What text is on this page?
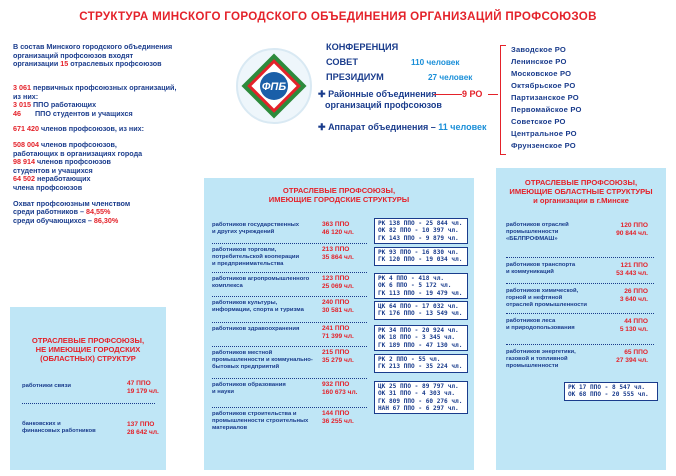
СТРУКТУРА МИНСКОГО ГОРОДСКОГО ОБЪЕДИНЕНИЯ ОРГАНИЗАЦИЙ ПРОФСОЮЗОВ
В состав Минского городского объединения
организаций профсоюзов входят
организации 15 отраслевых профсоюзов
3 061 первичных профсоюзных организаций,
из них:
3 015 ППО работающих
46 ППО студентов и учащихся
671 420 членов профсоюзов, из них:
508 004 членов профсоюзов,
работающих в организациях города
98 914 членов профсоюзов
студентов и учащихся
64 502 неработающих
члена профсоюзов
Охват профсоюзным членством
среди работников – 84,55%
среди обучающихся – 86,30%
ФПБ
КОНФЕРЕНЦИЯ
СОВЕТ	110 человек
ПРЕЗИДИУМ	27 человек
✚ Районные объединения
организаций профсоюзов
9 РО
✚ Аппарат объединения – 11 человек
Заводское РО
Ленинское РО
Московское РО
Октябрьское РО
Партизанское РО
Первомайское РО
Советское РО
Центральное РО
Фрунзенское РО
ОТРАСЛЕВЫЕ ПРОФСОЮЗЫ,
НЕ ИМЕЮЩИЕ ГОРОДСКИХ
(ОБЛАСТНЫХ) СТРУКТУР
работники связи	47 ППО
19 179 чл.
банковских и
финансовых работников
137 ППО
28 642 чл.
ОТРАСЛЕВЫЕ ПРОФСОЮЗЫ,
ИМЕЮЩИЕ ГОРОДСКИЕ СТРУКТУРЫ
работников государственных
и других учреждений
363 ППО
46 120 чл.
РК 138 ППО - 25 844 чл.
ОК 82 ППО - 10 397 чл.
ГК 143 ППО - 9 879 чл.
работников торговли,
потребительской кооперации
и предпринимательства
213 ППО
35 864 чл.
РК 93 ППО - 16 830 чл.
ГК 120 ППО - 19 034 чл.
работников агропромышленного
комплекса
123 ППО
25 069 чл.
РК 4 ППО - 418 чл.
ОК 6 ППО - 5 172 чл.
ГК 113 ППО - 19 479 чл.
работников культуры,
информации, спорта и туризма
240 ППО
30 581 чл.
ЦК 64 ППО - 17 032 чл.
ГК 176 ППО - 13 549 чл.
работников здравоохранения	241 ППО
71 399 чл.
РК 34 ППО - 20 924 чл.
ОК 18 ППО - 3 345 чл.
ГК 189 ППО - 47 130 чл.
работников местной
промышленности и коммунально-
бытовых предприятий
215 ППО
35 279 чл.	РК 2 ППО - 55 чл.
ГК 213 ППО - 35 224 чл.
работников образования
и науки
932 ППО
160 673 чл.
ЦК 25 ППО - 89 797 чл.
ОК 31 ППО - 4 303 чл.
ГК 809 ППО - 60 276 чл.
НАН 67 ППО - 6 297 чл.
работников строительства и
промышленности строительных
материалов
144 ППО
36 255 чл.
ОТРАСЛЕВЫЕ ПРОФСОЮЗЫ,
ИМЕЮЩИЕ ОБЛАСТНЫЕ СТРУКТУРЫ
и организации в г.Минске
работников отраслей
промышленности
«БЕЛПРОФМАШ»
120 ППО
90 844 чл.
работников транспорта
и коммуникаций
121 ППО
53 443 чл.
работников химической,
горной и нефтяной
отраслей промышленности
26 ППО
3 640 чл.
работников леса
и природопользования
44 ППО
5 130 чл.
работников энергетики,
газовой и топливной
промышленности
65 ППО
27 394 чл.
РК 17 ППО - 8 547 чл.
ОК 68 ППО - 20 555 чл.
